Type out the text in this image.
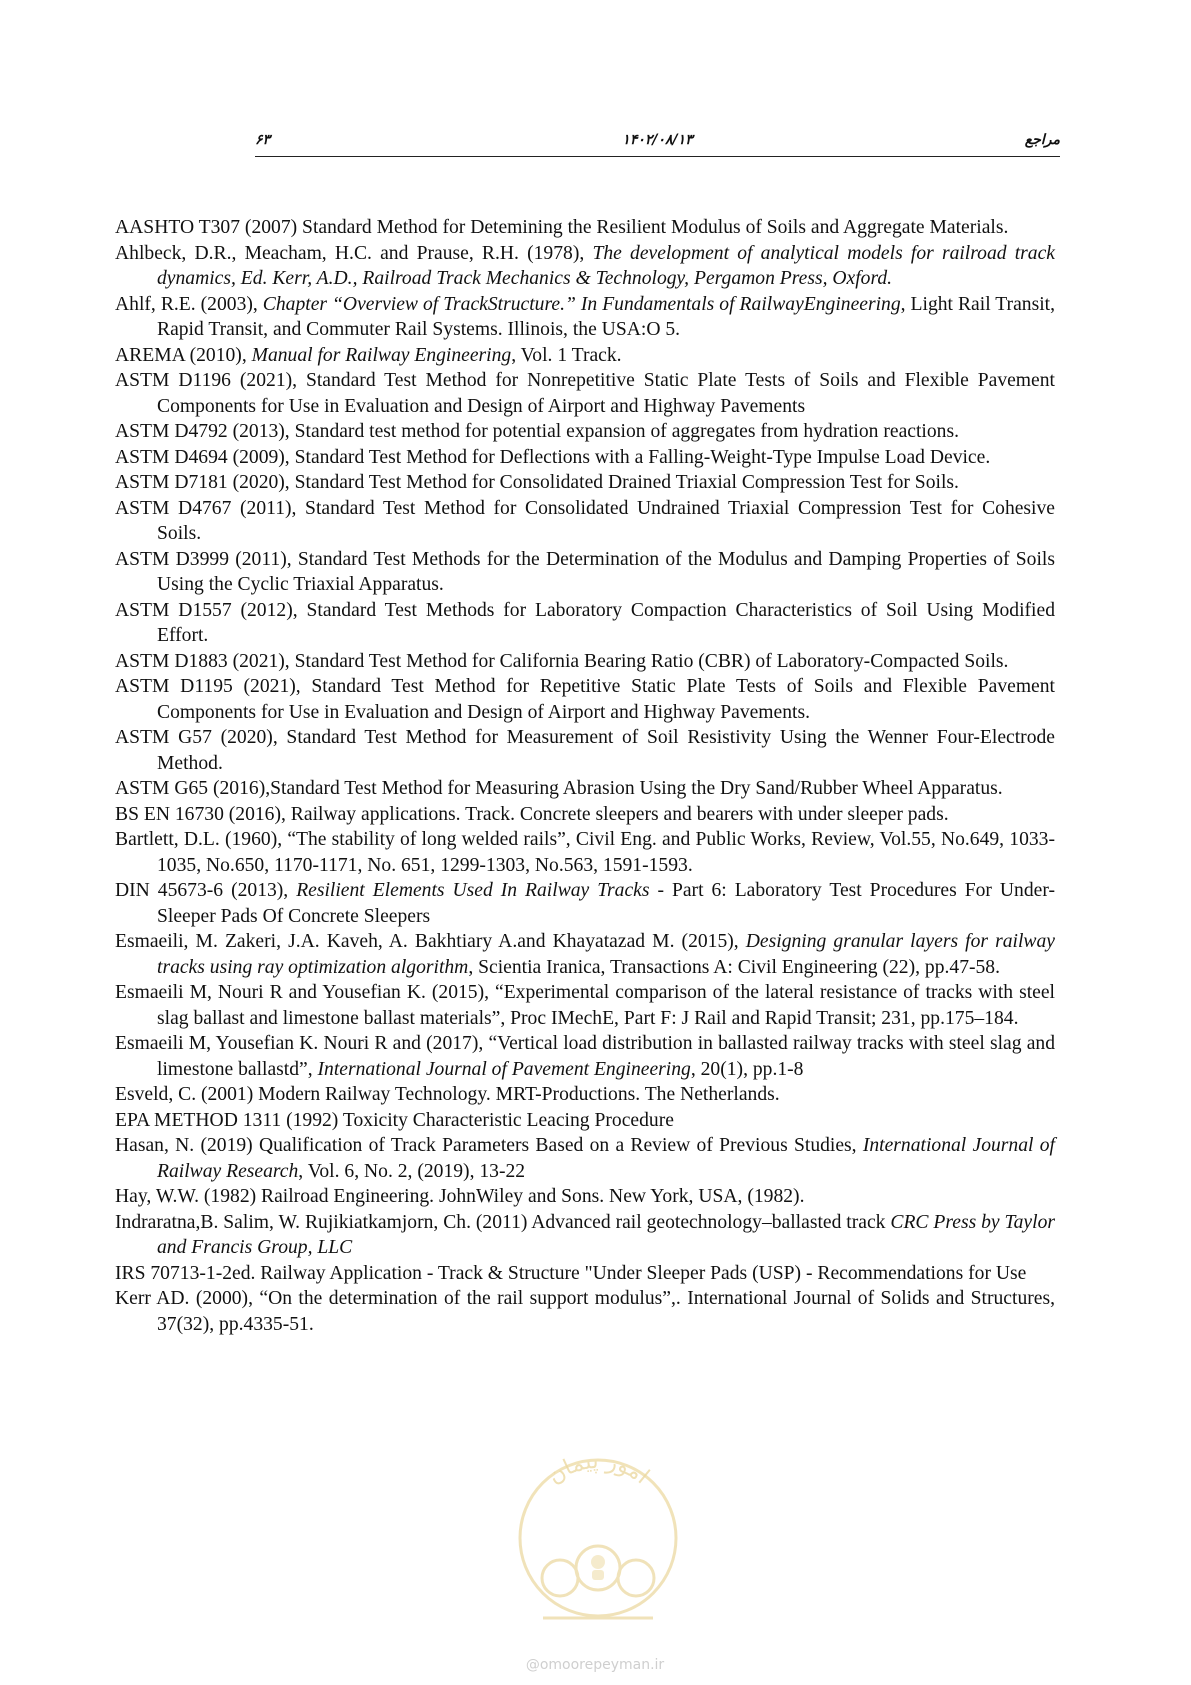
۶۳	۱۴۰۲/۰۸/۱۳	مراجع
AASHTO T307 (2007) Standard Method for Detemining the Resilient Modulus of Soils and Aggregate Materials.
Ahlbeck, D.R., Meacham, H.C. and Prause, R.H. (1978), The development of analytical models for railroad track dynamics, Ed. Kerr, A.D., Railroad Track Mechanics & Technology, Pergamon Press, Oxford.
Ahlf, R.E. (2003), Chapter “Overview of TrackStructure.” In Fundamentals of RailwayEngineering, Light Rail Transit, Rapid Transit, and Commuter Rail Systems. Illinois, the USA:O 5.
AREMA (2010), Manual for Railway Engineering, Vol. 1 Track.
ASTM D1196 (2021), Standard Test Method for Nonrepetitive Static Plate Tests of Soils and Flexible Pavement Components for Use in Evaluation and Design of Airport and Highway Pavements
ASTM D4792 (2013), Standard test method for potential expansion of aggregates from hydration reactions.
ASTM D4694 (2009), Standard Test Method for Deflections with a Falling-Weight-Type Impulse Load Device.
ASTM D7181 (2020), Standard Test Method for Consolidated Drained Triaxial Compression Test for Soils.
ASTM D4767 (2011), Standard Test Method for Consolidated Undrained Triaxial Compression Test for Cohesive Soils.
ASTM D3999 (2011), Standard Test Methods for the Determination of the Modulus and Damping Properties of Soils Using the Cyclic Triaxial Apparatus.
ASTM D1557 (2012), Standard Test Methods for Laboratory Compaction Characteristics of Soil Using Modified Effort.
ASTM D1883 (2021), Standard Test Method for California Bearing Ratio (CBR) of Laboratory-Compacted Soils.
ASTM D1195 (2021), Standard Test Method for Repetitive Static Plate Tests of Soils and Flexible Pavement Components for Use in Evaluation and Design of Airport and Highway Pavements.
ASTM G57 (2020), Standard Test Method for Measurement of Soil Resistivity Using the Wenner Four-Electrode Method.
ASTM G65 (2016),Standard Test Method for Measuring Abrasion Using the Dry Sand/Rubber Wheel Apparatus.
BS EN 16730 (2016), Railway applications. Track. Concrete sleepers and bearers with under sleeper pads.
Bartlett, D.L. (1960), “The stability of long welded rails”, Civil Eng. and Public Works, Review, Vol.55, No.649, 1033-1035, No.650, 1170-1171, No. 651, 1299-1303, No.563, 1591-1593.
DIN 45673-6 (2013), Resilient Elements Used In Railway Tracks - Part 6: Laboratory Test Procedures For Under-Sleeper Pads Of Concrete Sleepers
Esmaeili, M. Zakeri, J.A. Kaveh, A. Bakhtiary A.and Khayatazad M. (2015), Designing granular layers for railway tracks using ray optimization algorithm, Scientia Iranica, Transactions A: Civil Engineering (22), pp.47-58.
Esmaeili M, Nouri R and Yousefian K. (2015), “Experimental comparison of the lateral resistance of tracks with steel slag ballast and limestone ballast materials”, Proc IMechE, Part F: J Rail and Rapid Transit; 231, pp.175–184.
Esmaeili M, Yousefian K. Nouri R and (2017), “Vertical load distribution in ballasted railway tracks with steel slag and limestone ballastd”, International Journal of Pavement Engineering, 20(1), pp.1-8
Esveld, C. (2001) Modern Railway Technology. MRT-Productions. The Netherlands.
EPA METHOD 1311 (1992) Toxicity Characteristic Leacing Procedure
Hasan, N. (2019) Qualification of Track Parameters Based on a Review of Previous Studies, International Journal of Railway Research, Vol. 6, No. 2, (2019), 13-22
Hay, W.W. (1982) Railroad Engineering. JohnWiley and Sons. New York, USA, (1982).
Indraratna,B. Salim, W. Rujikiatkamjorn, Ch. (2011) Advanced rail geotechnology–ballasted track CRC Press by Taylor and Francis Group, LLC
IRS 70713-1-2ed. Railway Application - Track & Structure "Under Sleeper Pads (USP) - Recommendations for Use
Kerr AD. (2000), “On the determination of the rail support modulus”,. International Journal of Solids and Structures, 37(32), pp.4335-51.
امور پیمان
@omoorepeyman.ir
